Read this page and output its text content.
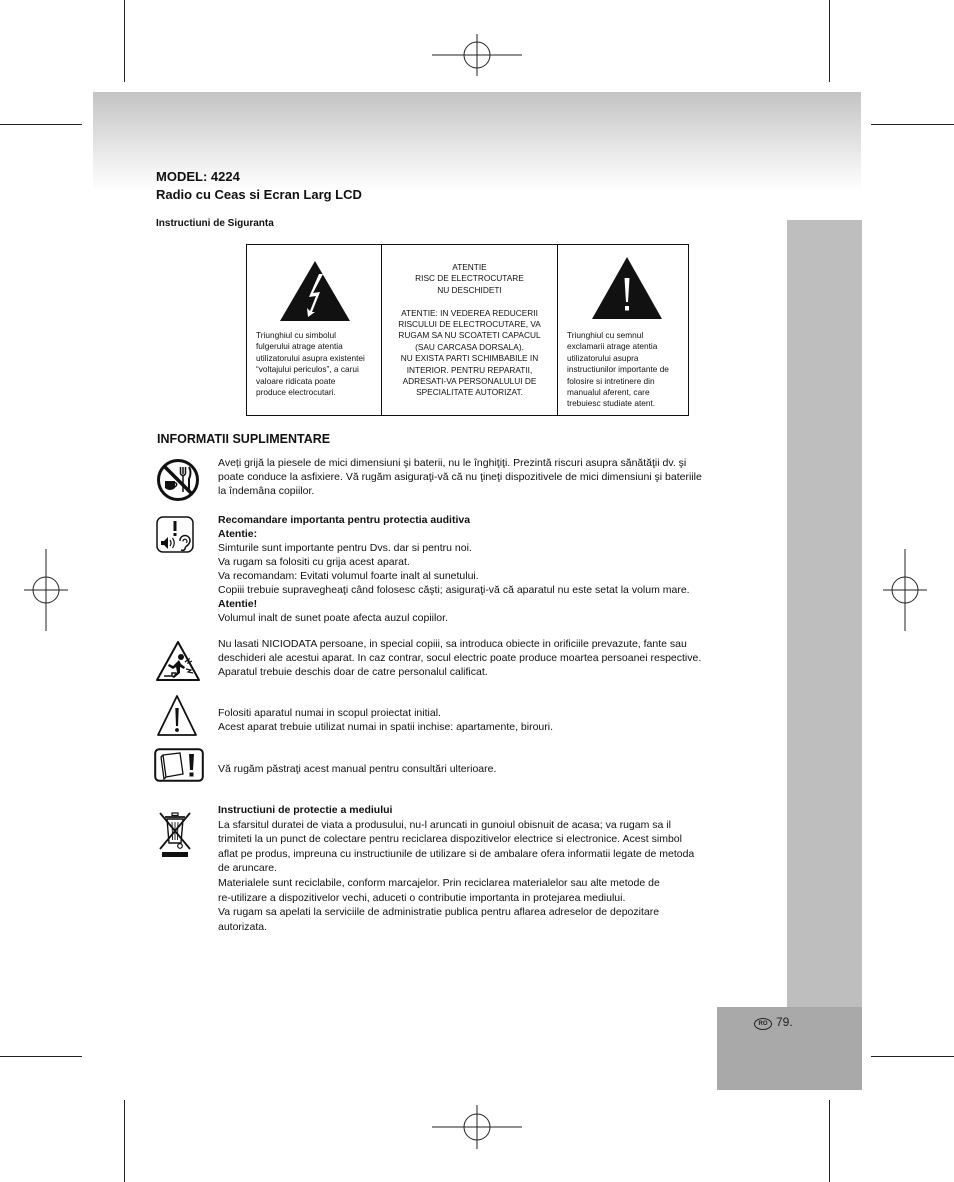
MODEL: 4224
Radio cu Ceas si Ecran Larg LCD
Instructiuni de Siguranta
Triunghiul cu simbolul
fulgerului atrage atentia
utilizatorului asupra existentei
“voltajului periculos”, a carui
valoare ridicata poate
produce electrocutari.
ATENTIE
RISC DE ELECTROCUTARE
NU DESCHIDETI
ATENTIE: IN VEDEREA REDUCERII
RISCULUI DE ELECTROCUTARE, VA
RUGAM SA NU SCOATETI CAPACUL
(SAU CARCASA DORSALA).
NU EXISTA PARTI SCHIMBABILE IN
INTERIOR. PENTRU REPARATII,
ADRESATI-VA PERSONALULUI DE
SPECIALITATE AUTORIZAT.
Triunghiul cu semnul
exclamarii atrage atentia
utilizatorului asupra
instructiunilor importante de
folosire si intretinere din
manualul aferent, care
trebuiesc studiate atent.
INFORMATII SUPLIMENTARE
Aveți grijă la piesele de mici dimensiuni şi baterii, nu le înghiţiţi. Prezintă riscuri asupra sănătăţii dv. şi
poate conduce la asfixiere. Vă rugăm asiguraţi-vă că nu ţineţi dispozitivele de mici dimensiuni şi bateriile
la îndemâna copiilor.
Recomandare importanta pentru protectia auditiva
Atentie:
Simturile sunt importante pentru Dvs. dar si pentru noi.
Va rugam sa folositi cu grija acest aparat.
Va recomandam: Evitati volumul foarte inalt al sunetului.
Copiii trebuie supravegheaţi când folosesc căşti; asiguraţi-vă că aparatul nu este setat la volum mare.
Atentie!
Volumul inalt de sunet poate afecta auzul copiilor.
Nu lasati NICIODATA persoane, in special copiii, sa introduca obiecte in orificiile prevazute, fante sau
deschideri ale acestui aparat. In caz contrar, socul electric poate produce moartea persoanei respective.
Aparatul trebuie deschis doar de catre personalul calificat.
Folositi aparatul numai in scopul proiectat initial.
Acest aparat trebuie utilizat numai in spatii inchise: apartamente, birouri.
Vă rugăm păstraţi acest manual pentru consultări ulterioare.
Instructiuni de protectie a mediului
La sfarsitul duratei de viata a produsului, nu-l aruncati in gunoiul obisnuit de acasa; va rugam sa il
trimiteti la un punct de colectare pentru reciclarea dispozitivelor electrice si electronice. Acest simbol
aflat pe produs, impreuna cu instructiunile de utilizare si de ambalare ofera informatii legate de metoda
de aruncare.
Materialele sunt reciclabile, conform marcajelor. Prin reciclarea materialelor sau alte metode de
re-utilizare a dispozitivelor vechi, aduceti o contributie importanta in protejarea mediului.
Va rugam sa apelati la serviciile de administratie publica pentru aflarea adreselor de depozitare
autorizata.
RO 79.
